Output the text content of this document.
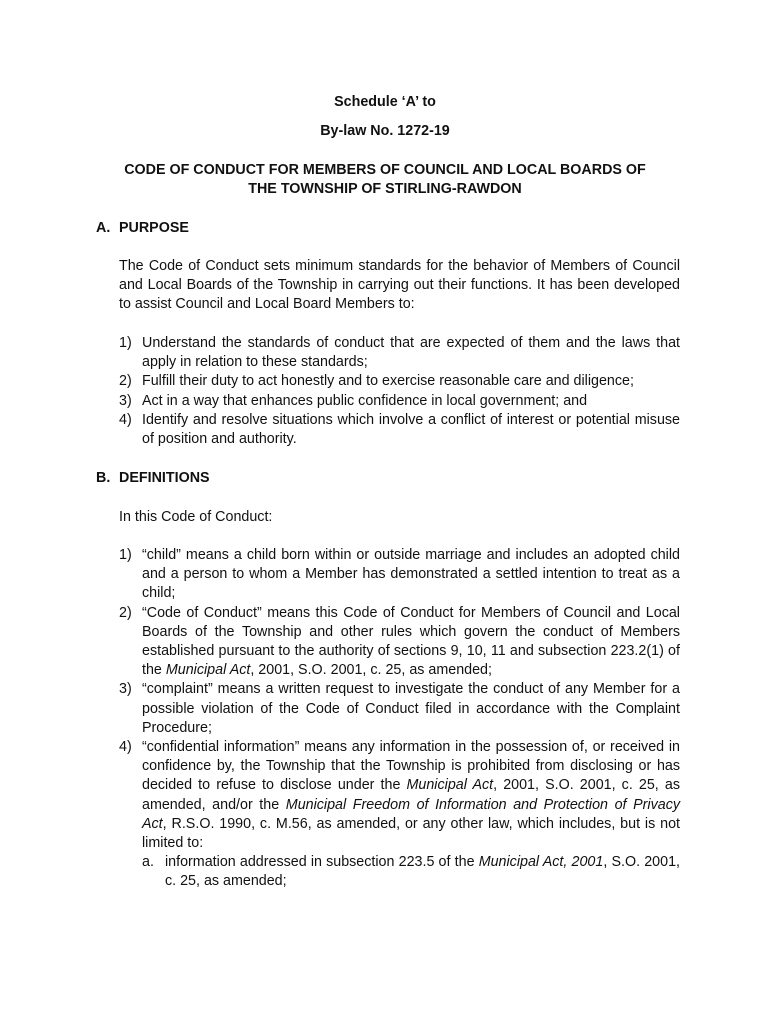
Schedule ‘A’ to
By-law No. 1272-19
CODE OF CONDUCT FOR MEMBERS OF COUNCIL AND LOCAL BOARDS OF
THE TOWNSHIP OF STIRLING-RAWDON
A. PURPOSE
The Code of Conduct sets minimum standards for the behavior of Members of Council and Local Boards of the Township in carrying out their functions. It has been developed to assist Council and Local Board Members to:
1) Understand the standards of conduct that are expected of them and the laws that apply in relation to these standards;
2) Fulfill their duty to act honestly and to exercise reasonable care and diligence;
3) Act in a way that enhances public confidence in local government; and
4) Identify and resolve situations which involve a conflict of interest or potential misuse of position and authority.
B. DEFINITIONS
In this Code of Conduct:
1) “child” means a child born within or outside marriage and includes an adopted child and a person to whom a Member has demonstrated a settled intention to treat as a child;
2) “Code of Conduct” means this Code of Conduct for Members of Council and Local Boards of the Township and other rules which govern the conduct of Members established pursuant to the authority of sections 9, 10, 11 and subsection 223.2(1) of the Municipal Act, 2001, S.O. 2001, c. 25, as amended;
3) “complaint” means a written request to investigate the conduct of any Member for a possible violation of the Code of Conduct filed in accordance with the Complaint Procedure;
4) “confidential information” means any information in the possession of, or received in confidence by, the Township that the Township is prohibited from disclosing or has decided to refuse to disclose under the Municipal Act, 2001, S.O. 2001, c. 25, as amended, and/or the Municipal Freedom of Information and Protection of Privacy Act, R.S.O. 1990, c. M.56, as amended, or any other law, which includes, but is not limited to:
a. information addressed in subsection 223.5 of the Municipal Act, 2001, S.O. 2001, c. 25, as amended;
